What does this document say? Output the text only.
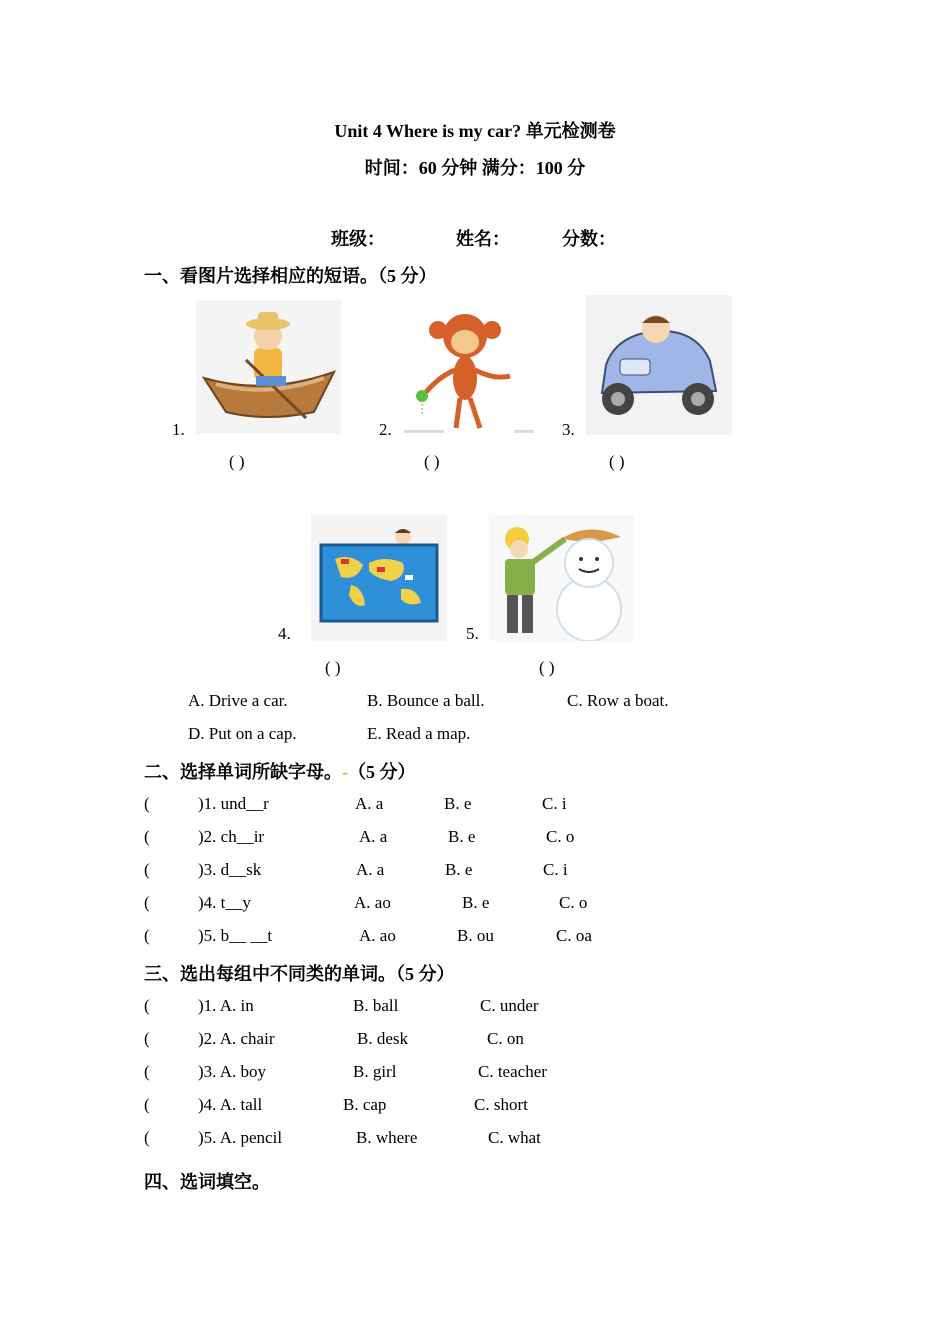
Unit 4 Where is my car? 单元检测卷
时间：60 分钟 满分：100 分
班级：	姓名：	分数：
一、看图片选择相应的短语。（5 分）
1.
( )
2.
( )
3.
( )
4.
( )
5.
( )
A. Drive a car.	B. Bounce a ball.	C. Row a boat.
D. Put on a cap.	E. Read a map.
二、选择单词所缺字母。-（5 分）
(	)1. und__r	A. a	B. e	C. i
(	)2. ch__ir	A. a	B. e	C. o
(	)3. d__sk	A. a	B. e	C. i
(	)4. t__y	A. ao	B. e	C. o
(	)5. b__ __t	A. ao	B. ou	C. oa
三、选出每组中不同类的单词。（5 分）
(	)1. A. in	B. ball	C. under
(	)2. A. chair	B. desk	C. on
(	)3. A. boy	B. girl	C. teacher
(	)4. A. tall	B. cap	C. short
(	)5. A. pencil	B. where	C. what
四、选词填空。
